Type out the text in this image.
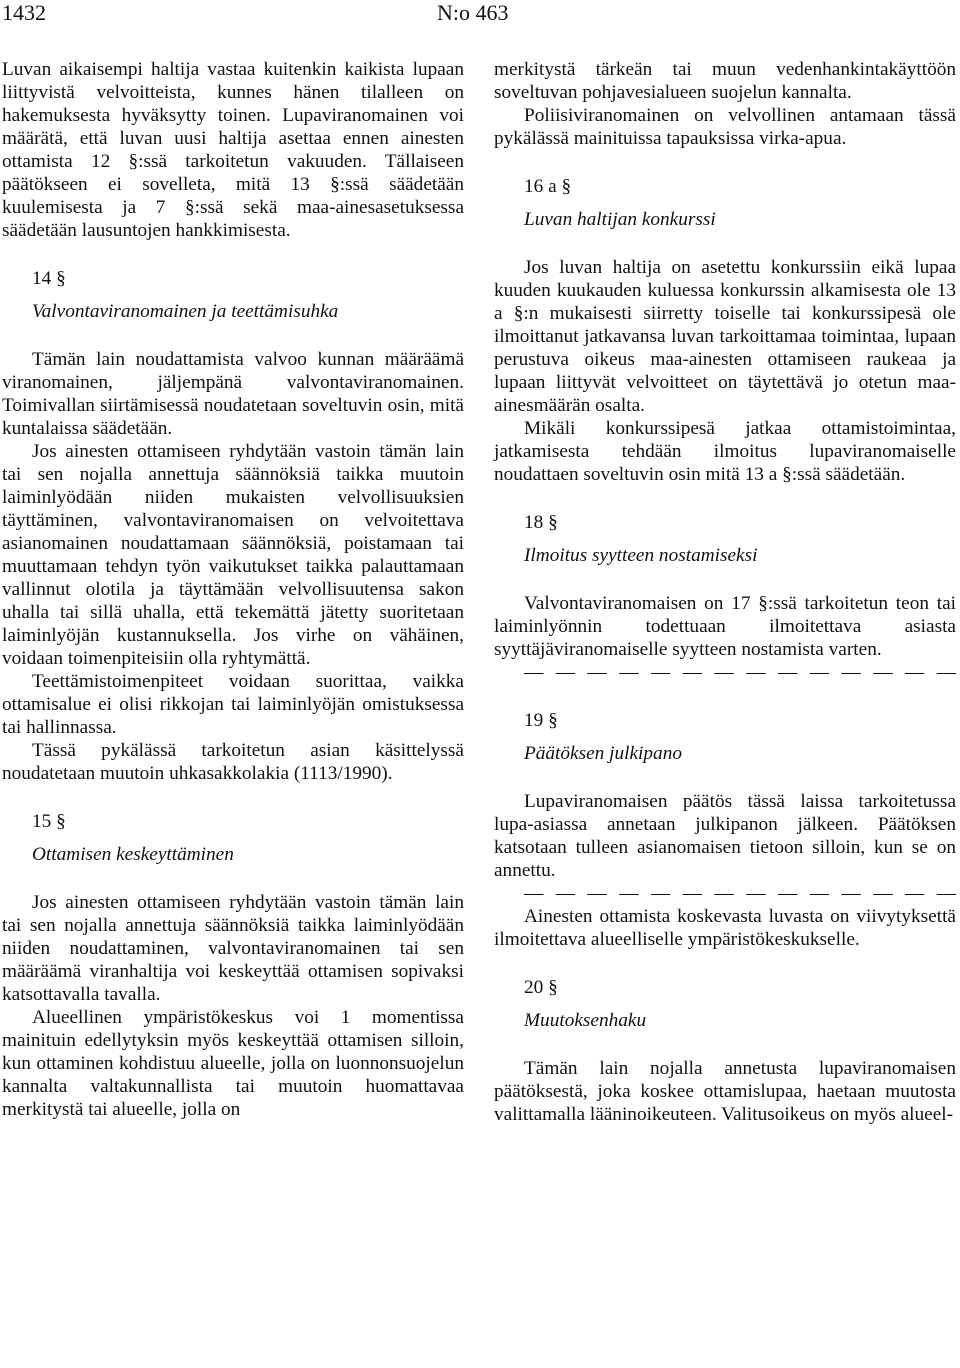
1432	N:o 463

Luvan aikaisempi haltija vastaa kuitenkin kaikista lupaan liittyvistä velvoitteista, kunnes hänen tilalleen on hakemuksesta hyväksytty toinen. Lupaviranomainen voi määrätä, että luvan uusi haltija asettaa ennen ainesten ottamista 12 §:ssä tarkoitetun vakuuden. Tällaiseen päätökseen ei sovelleta, mitä 13 §:ssä säädetään kuulemisesta ja 7 §:ssä sekä maa-ainesasetuksessa säädetään lausuntojen hankkimisesta.

14 §

Valvontaviranomainen ja teettämisuhka

Tämän lain noudattamista valvoo kunnan määräämä viranomainen, jäljempänä valvontaviranomainen. Toimivallan siirtämisessä noudatetaan soveltuvin osin, mitä kuntalaissa säädetään.

Jos ainesten ottamiseen ryhdytään vastoin tämän lain tai sen nojalla annettuja säännöksiä taikka muutoin laiminlyödään niiden mukaisten velvollisuuksien täyttäminen, valvontaviranomaisen on velvoitettava asianomainen noudattamaan säännöksiä, poistamaan tai muuttamaan tehdyn työn vaikutukset taikka palauttamaan vallinnut olotila ja täyttämään velvollisuutensa sakon uhalla tai sillä uhalla, että tekemättä jätetty suoritetaan laiminlyöjän kustannuksella. Jos virhe on vähäinen, voidaan toimenpiteisiin olla ryhtymättä.

Teettämistoimenpiteet voidaan suorittaa, vaikka ottamisalue ei olisi rikkojan tai laiminlyöjän omistuksessa tai hallinnassa.

Tässä pykälässä tarkoitetun asian käsittelyssä noudatetaan muutoin uhkasakkolakia (1113/1990).

15 §

Ottamisen keskeyttäminen

Jos ainesten ottamiseen ryhdytään vastoin tämän lain tai sen nojalla annettuja säännöksiä taikka laiminlyödään niiden noudattaminen, valvontaviranomainen tai sen määräämä viranhaltija voi keskeyttää ottamisen sopivaksi katsottavalla tavalla.

Alueellinen ympäristökeskus voi 1 momentissa mainituin edellytyksin myös keskeyttää ottamisen silloin, kun ottaminen kohdistuu alueelle, jolla on luonnonsuojelun kannalta valtakunnallista tai muutoin huomattavaa merkitystä tai alueelle, jolla on

merkitystä tärkeän tai muun vedenhankintakäyttöön soveltuvan pohjavesialueen suojelun kannalta.

Poliisiviranomainen on velvollinen antamaan tässä pykälässä mainituissa tapauksissa virka-apua.

16 a §

Luvan haltijan konkurssi

Jos luvan haltija on asetettu konkurssiin eikä lupaa kuuden kuukauden kuluessa konkurssin alkamisesta ole 13 a §:n mukaisesti siirretty toiselle tai konkurssipesä ole ilmoittanut jatkavansa luvan tarkoittamaa toimintaa, lupaan perustuva oikeus maa-ainesten ottamiseen raukeaa ja lupaan liittyvät velvoitteet on täytettävä jo otetun maa-ainesmäärän osalta.

Mikäli konkurssipesä jatkaa ottamistoimintaa, jatkamisesta tehdään ilmoitus lupaviranomaiselle noudattaen soveltuvin osin mitä 13 a §:ssä säädetään.

18 §

Ilmoitus syytteen nostamiseksi

Valvontaviranomaisen on 17 §:ssä tarkoitetun teon tai laiminlyönnin todettuaan ilmoitettava asiasta syyttäjäviranomaiselle syytteen nostamista varten.

— — — — — — — — — — — — — —

19 §

Päätöksen julkipano

Lupaviranomaisen päätös tässä laissa tarkoitetussa lupa-asiassa annetaan julkipanon jälkeen. Päätöksen katsotaan tulleen asianomaisen tietoon silloin, kun se on annettu.

— — — — — — — — — — — — — —

Ainesten ottamista koskevasta luvasta on viivytyksettä ilmoitettava alueelliselle ympäristökeskukselle.

20 §

Muutoksenhaku

Tämän lain nojalla annetusta lupaviranomaisen päätöksestä, joka koskee ottamislupaa, haetaan muutosta valittamalla lääninoikeuteen. Valitusoikeus on myös alueel-
